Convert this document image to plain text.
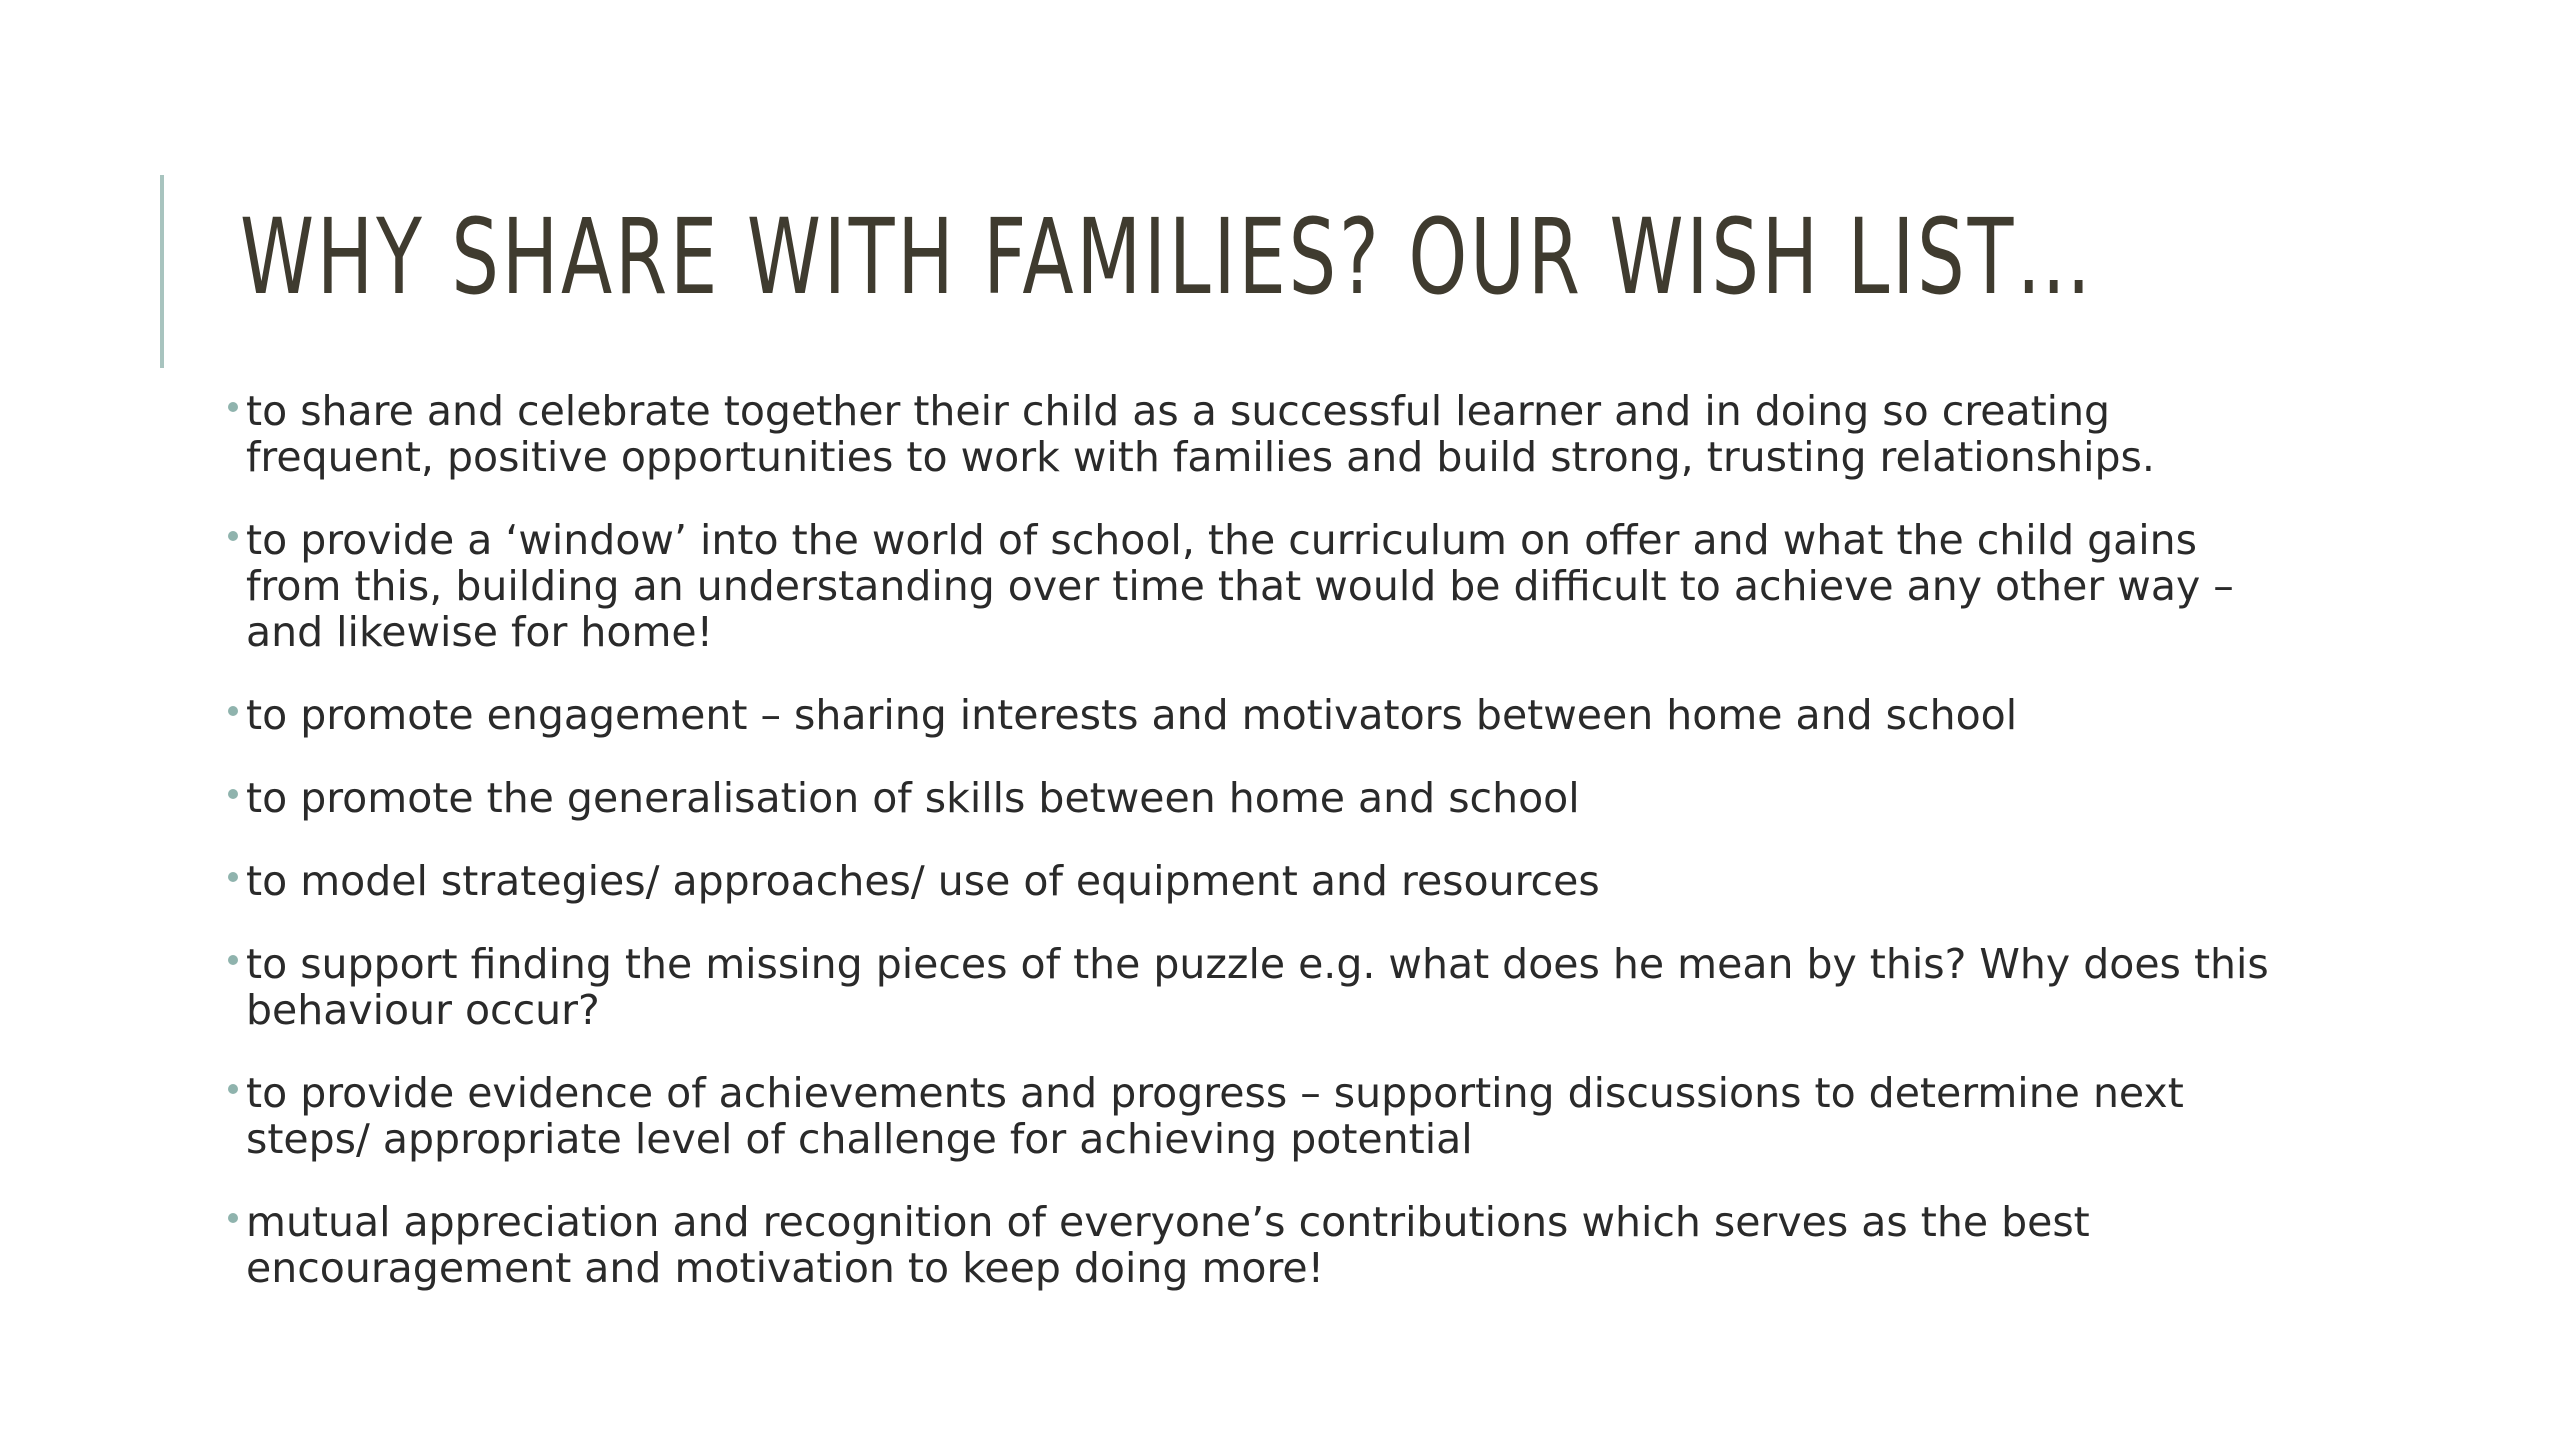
WHY SHARE WITH FAMILIES? OUR WISH LIST…
to share and celebrate together their child as a successful learner and in doing so creating frequent, positive opportunities to work with families and build strong, trusting relationships.
to provide a ‘window’ into the world of school, the curriculum on offer and what the child gains from this, building an understanding over time that would be difficult to achieve any other way – and likewise for home!
to promote engagement – sharing interests and motivators between home and school
to promote the generalisation of skills between home and school
to model strategies/ approaches/ use of equipment and resources
to support finding the missing pieces of the puzzle e.g. what does he mean by this? Why does this behaviour occur?
to provide evidence of achievements and progress – supporting discussions to determine next steps/ appropriate level of challenge for achieving potential
mutual appreciation and recognition of everyone’s contributions which serves as the best encouragement and motivation to keep doing more!
